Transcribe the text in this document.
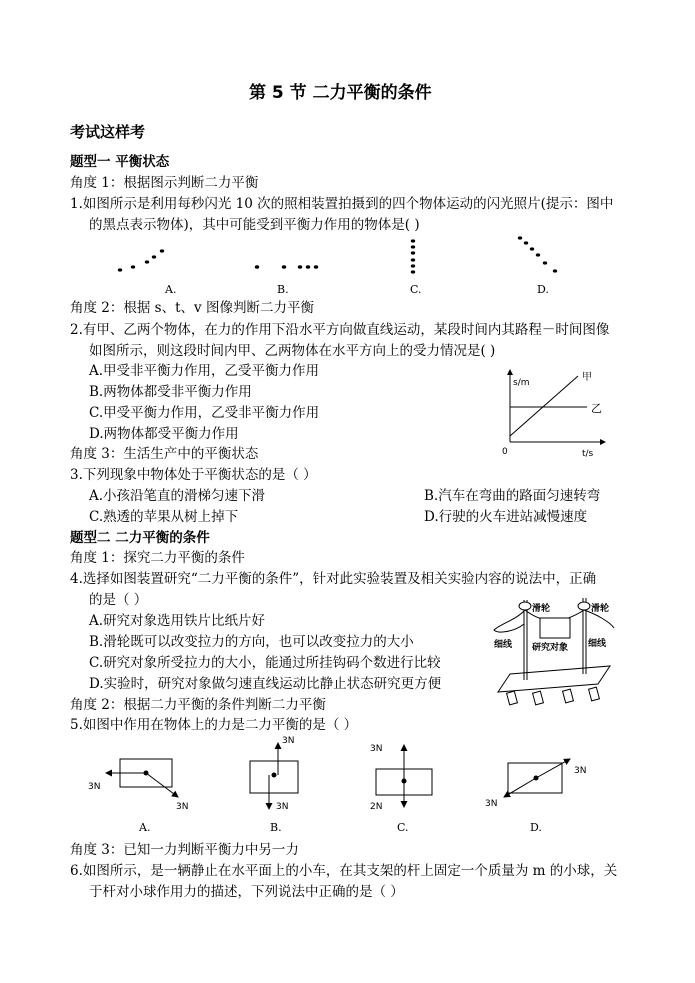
第 5 节 二力平衡的条件
考试这样考
题型一 平衡状态
角度 1：根据图示判断二力平衡
1.如图所示是利用每秒闪光 10 次的照相装置拍摄到的四个物体运动的闪光照片(提示：图中
的黑点表示物体)，其中可能受到平衡力作用的物体是( )
A.	B.	C.	D.
角度 2：根据 s、t、v 图像判断二力平衡
2.有甲、乙两个物体，在力的作用下沿水平方向做直线运动，某段时间内其路程－时间图像
如图所示，则这段时间内甲、乙两物体在水平方向上的受力情况是( )
A.甲受非平衡力作用，乙受平衡力作用
B.两物体都受非平衡力作用
C.甲受平衡力作用，乙受非平衡力作用
D.两物体都受平衡力作用
s/m
0	t/s
甲
乙
角度 3：生活生产中的平衡状态
3.下列现象中物体处于平衡状态的是（ ）
A.小孩沿笔直的滑梯匀速下滑	B.汽车在弯曲的路面匀速转弯
C.熟透的苹果从树上掉下	D.行驶的火车进站减慢速度
题型二 二力平衡的条件
角度 1：探究二力平衡的条件
4.选择如图装置研究“二力平衡的条件”，针对此实验装置及相关实验内容的说法中，正确
的是（ ）
A.研究对象选用铁片比纸片好
B.滑轮既可以改变拉力的方向，也可以改变拉力的大小
C.研究对象所受拉力的大小，能通过所挂钩码个数进行比较
D.实验时，研究对象做匀速直线运动比静止状态研究更方便
滑轮	滑轮
细线 研究对象 细线
角度 2：根据二力平衡的条件判断二力平衡
5.如图中作用在物体上的力是二力平衡的是（ ）
3N
3N
3N
3N
3N
2N
3N
3N
A.	B.	C.	D.
角度 3：已知一力判断平衡力中另一力
6.如图所示，是一辆静止在水平面上的小车，在其支架的杆上固定一个质量为 m 的小球，关
于杆对小球作用力的描述，下列说法中正确的是（ ）
